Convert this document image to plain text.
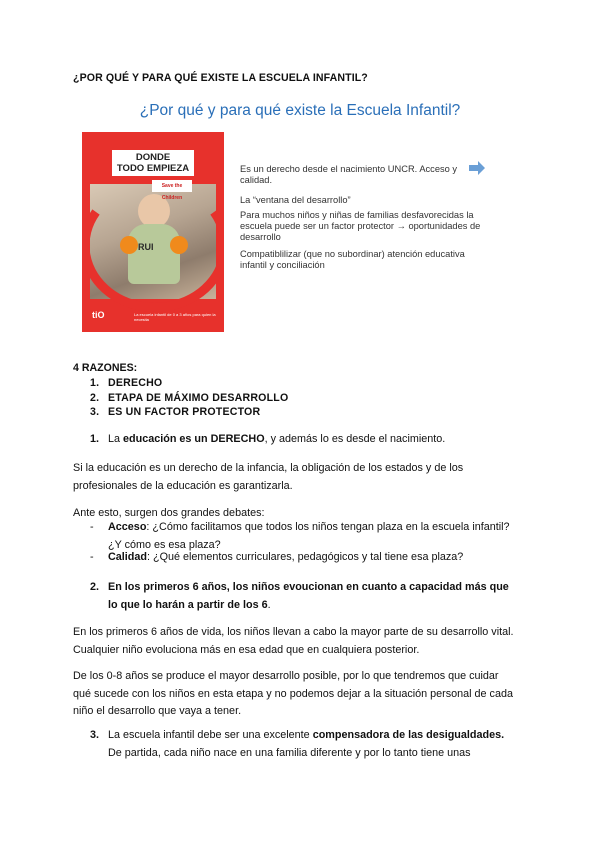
¿POR QUÉ Y PARA QUÉ EXISTE LA ESCUELA INFANTIL?
¿Por qué y para qué existe la Escuela Infantil?
RUI
DONDE
TODO EMPIEZA
Save the Children
tiO	La escuela infantil de 0 a 3 años para quien la necesita
Es un derecho desde el nacimiento UNCR. Acceso y calidad.
La “ventana del desarrollo”
Para muchos niños y niñas de familias desfavorecidas la escuela puede ser un factor protector → oportunidades de desarrollo
Compatiblilizar (que no subordinar) atención educativa infantil y conciliación
4 RAZONES:
1. DERECHO
2. ETAPA DE MÁXIMO DESARROLLO
3. ES UN FACTOR PROTECTOR
1. La educación es un DERECHO, y además lo es desde el nacimiento.
Si la educación es un derecho de la infancia, la obligación de los estados y de los
profesionales de la educación es garantizarla.
Ante esto, surgen dos grandes debates:
- Acceso: ¿Cómo facilitamos que todos los niños tengan plaza en la escuela infantil?
¿Y cómo es esa plaza?
- Calidad: ¿Qué elementos curriculares, pedagógicos y tal tiene esa plaza?
2. En los primeros 6 años, los niños evoucionan en cuanto a capacidad más que
lo que lo harán a partir de los 6.
En los primeros 6 años de vida, los niños llevan a cabo la mayor parte de su desarrollo vital.
Cualquier niño evoluciona más en esa edad que en cualquiera posterior.
De los 0-8 años se produce el mayor desarrollo posible, por lo que tendremos que cuidar
qué sucede con los niños en esta etapa y no podemos dejar a la situación personal de cada
niño el desarrollo que vaya a tener.
3. La escuela infantil debe ser una excelente compensadora de las desigualdades.
De partida, cada niño nace en una familia diferente y por lo tanto tiene unas
